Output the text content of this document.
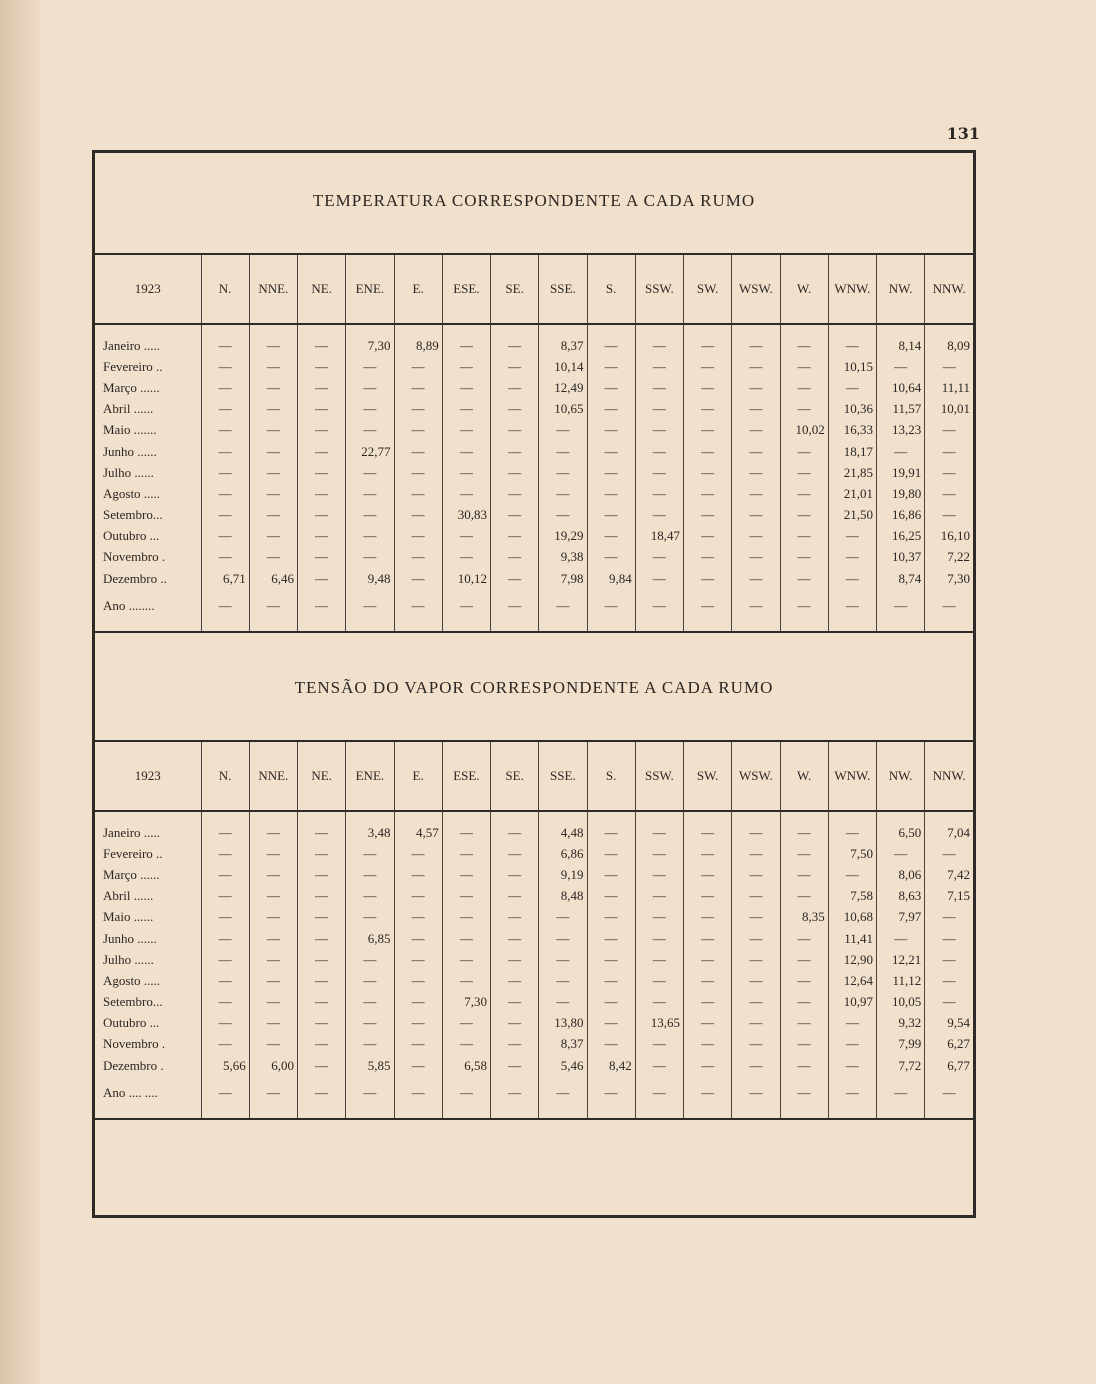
131
TEMPERATURA CORRESPONDENTE A CADA RUMO
1923	N.	NNE.	NE.	ENE.	E.	ESE.	SE.	SSE.	S.	SSW.	SW.	WSW.	W.	WNW.	NW.	NNW.

Janeiro .....	—	—	—	7,30	8,89	—	—	8,37	—	—	—	—	—	—	8,14	8,09
Fevereiro ..	—	—	—	—	—	—	—	10,14	—	—	—	—	—	10,15	—	—
Março ......	—	—	—	—	—	—	—	12,49	—	—	—	—	—	—	10,64	11,11
Abril ......	—	—	—	—	—	—	—	10,65	—	—	—	—	—	10,36	11,57	10,01
Maio .......	—	—	—	—	—	—	—	—	—	—	—	—	10,02	16,33	13,23	—
Junho ......	—	—	—	22,77	—	—	—	—	—	—	—	—	—	18,17	—	—
Julho ......	—	—	—	—	—	—	—	—	—	—	—	—	—	21,85	19,91	—
Agosto .....	—	—	—	—	—	—	—	—	—	—	—	—	—	21,01	19,80	—
Setembro...	—	—	—	—	—	30,83	—	—	—	—	—	—	—	21,50	16,86	—
Outubro ...	—	—	—	—	—	—	—	19,29	—	18,47	—	—	—	—	16,25	16,10
Novembro .	—	—	—	—	—	—	—	9,38	—	—	—	—	—	—	10,37	7,22
Dezembro ..	6,71	6,46	—	9,48	—	10,12	—	7,98	9,84	—	—	—	—	—	8,74	7,30
Ano ........	—	—	—	—	—	—	—	—	—	—	—	—	—	—	—	—

TENSÃO DO VAPOR CORRESPONDENTE A CADA RUMO
1923	N.	NNE.	NE.	ENE.	E.	ESE.	SE.	SSE.	S.	SSW.	SW.	WSW.	W.	WNW.	NW.	NNW.

Janeiro .....	—	—	—	3,48	4,57	—	—	4,48	—	—	—	—	—	—	6,50	7,04
Fevereiro ..	—	—	—	—	—	—	—	6,86	—	—	—	—	—	7,50	—	—
Março ......	—	—	—	—	—	—	—	9,19	—	—	—	—	—	—	8,06	7,42
Abril ......	—	—	—	—	—	—	—	8,48	—	—	—	—	—	7,58	8,63	7,15
Maio ......	—	—	—	—	—	—	—	—	—	—	—	—	8,35	10,68	7,97	—
Junho ......	—	—	—	6,85	—	—	—	—	—	—	—	—	—	11,41	—	—
Julho ......	—	—	—	—	—	—	—	—	—	—	—	—	—	12,90	12,21	—
Agosto .....	—	—	—	—	—	—	—	—	—	—	—	—	—	12,64	11,12	—
Setembro...	—	—	—	—	—	7,30	—	—	—	—	—	—	—	10,97	10,05	—
Outubro ...	—	—	—	—	—	—	—	13,80	—	13,65	—	—	—	—	9,32	9,54
Novembro .	—	—	—	—	—	—	—	8,37	—	—	—	—	—	—	7,99	6,27
Dezembro .	5,66	6,00	—	5,85	—	6,58	—	5,46	8,42	—	—	—	—	—	7,72	6,77
Ano .... ....	—	—	—	—	—	—	—	—	—	—	—	—	—	—	—	—
